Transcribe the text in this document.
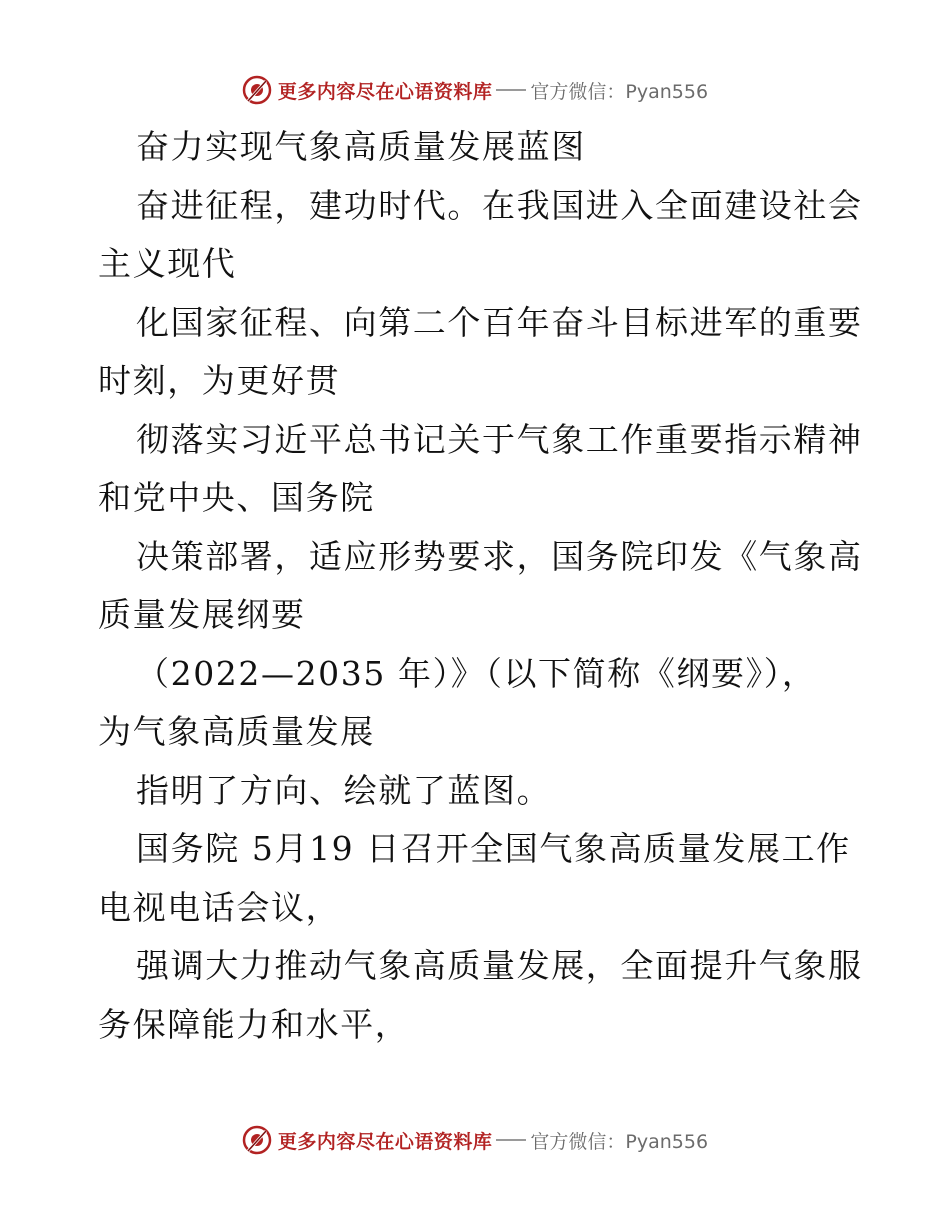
更多内容尽在心语资料库 官方微信：Pyan556
奋力实现气象高质量发展蓝图
奋进征程，建功时代。在我国进入全面建设社会
主义现代
化国家征程、向第二个百年奋斗目标进军的重要
时刻，为更好贯
彻落实习近平总书记关于气象工作重要指示精神
和党中央、国务院
决策部署，适应形势要求，国务院印发《气象高
质量发展纲要
（2022—2035 年）》（以下简称《纲要》），
为气象高质量发展
指明了方向、绘就了蓝图。
国务院 5月19 日召开全国气象高质量发展工作
电视电话会议，
强调大力推动气象高质量发展，全面提升气象服
务保障能力和水平，
更多内容尽在心语资料库 官方微信：Pyan556
